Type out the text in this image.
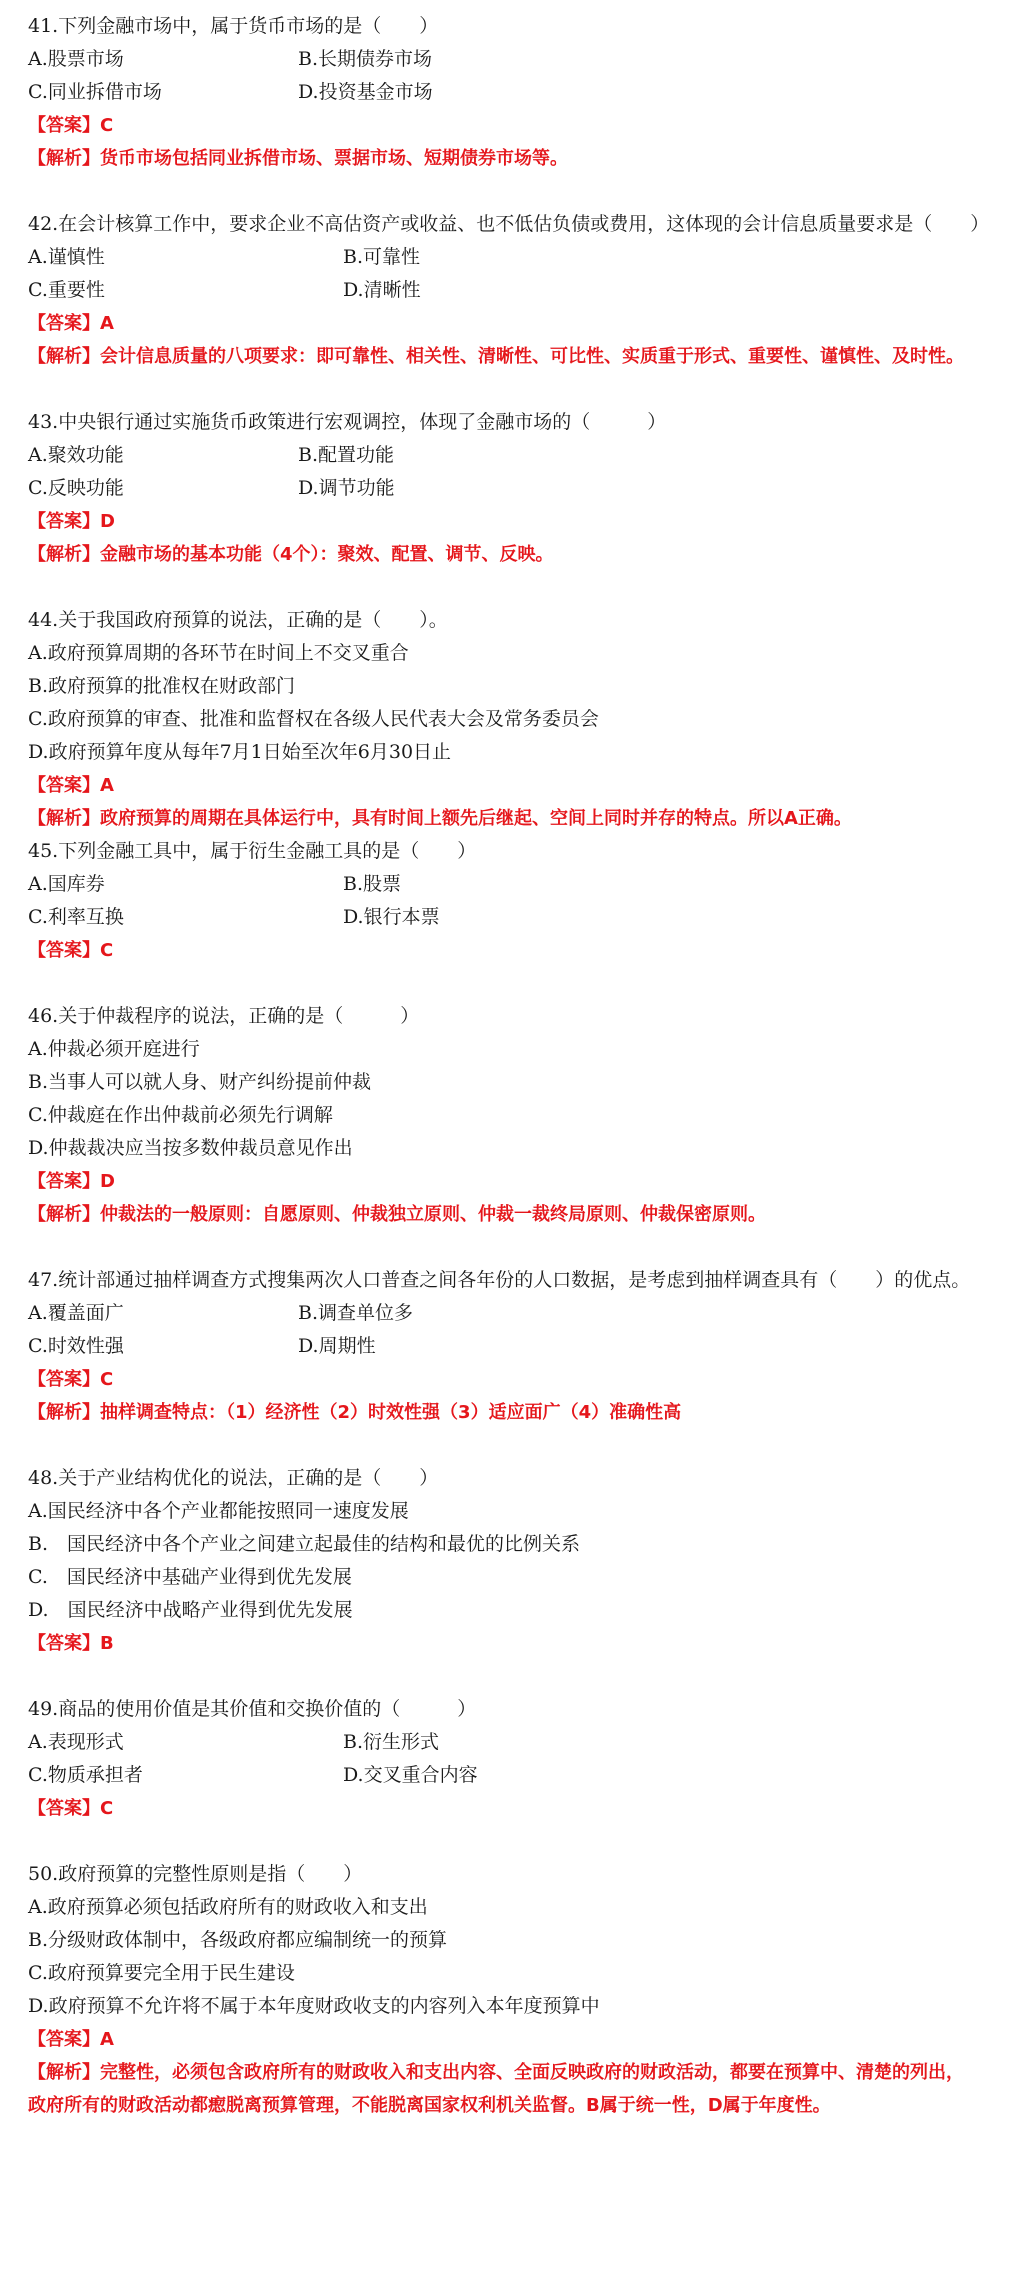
41.下列金融市场中，属于货币市场的是（　　）

A.股票市场	B.长期债券市场
C.同业拆借市场	D.投资基金市场
【答案】C
【解析】货币市场包括同业拆借市场、票据市场、短期债券市场等。

42.在会计核算工作中，要求企业不高估资产或收益、也不低估负债或费用，这体现的会计信息质量要求是（　　）

A.谨慎性	B.可靠性
C.重要性	D.清晰性
【答案】A
【解析】会计信息质量的八项要求：即可靠性、相关性、清晰性、可比性、实质重于形式、重要性、谨慎性、及时性。

43.中央银行通过实施货币政策进行宏观调控，体现了金融市场的（　　　）

A.聚效功能	B.配置功能
C.反映功能	D.调节功能
【答案】D
【解析】金融市场的基本功能（4个）：聚效、配置、调节、反映。

44.关于我国政府预算的说法，正确的是（　　）。

A.政府预算周期的各环节在时间上不交叉重合
B.政府预算的批准权在财政部门
C.政府预算的审查、批准和监督权在各级人民代表大会及常务委员会
D.政府预算年度从每年7月1日始至次年6月30日止
【答案】A
【解析】政府预算的周期在具体运行中，具有时间上额先后继起、空间上同时并存的特点。所以A正确。

45.下列金融工具中，属于衍生金融工具的是（　　）

A.国库券	B.股票
C.利率互换	D.银行本票
【答案】C

46.关于仲裁程序的说法，正确的是（　　　）

A.仲裁必须开庭进行
B.当事人可以就人身、财产纠纷提前仲裁
C.仲裁庭在作出仲裁前必须先行调解
D.仲裁裁决应当按多数仲裁员意见作出
【答案】D
【解析】仲裁法的一般原则：自愿原则、仲裁独立原则、仲裁一裁终局原则、仲裁保密原则。

47.统计部通过抽样调查方式搜集两次人口普查之间各年份的人口数据，是考虑到抽样调查具有（　　）的优点。

A.覆盖面广	B.调查单位多
C.时效性强	D.周期性
【答案】C
【解析】抽样调查特点：（1）经济性（2）时效性强（3）适应面广（4）准确性高

48.关于产业结构优化的说法，正确的是（　　）

A.国民经济中各个产业都能按照同一速度发展
B.　国民经济中各个产业之间建立起最佳的结构和最优的比例关系
C.　国民经济中基础产业得到优先发展
D.　国民经济中战略产业得到优先发展
【答案】B

49.商品的使用价值是其价值和交换价值的（　　　）

A.表现形式	B.衍生形式
C.物质承担者	D.交叉重合内容
【答案】C

50.政府预算的完整性原则是指（　　）

A.政府预算必须包括政府所有的财政收入和支出
B.分级财政体制中，各级政府都应编制统一的预算
C.政府预算要完全用于民生建设
D.政府预算不允许将不属于本年度财政收支的内容列入本年度预算中
【答案】A
【解析】完整性，必须包含政府所有的财政收入和支出内容、全面反映政府的财政活动，都要在预算中、清楚的列出，政府所有的财政活动都瘛脱离预算管理，不能脱离国家权利机关监督。B属于统一性，D属于年度性。
